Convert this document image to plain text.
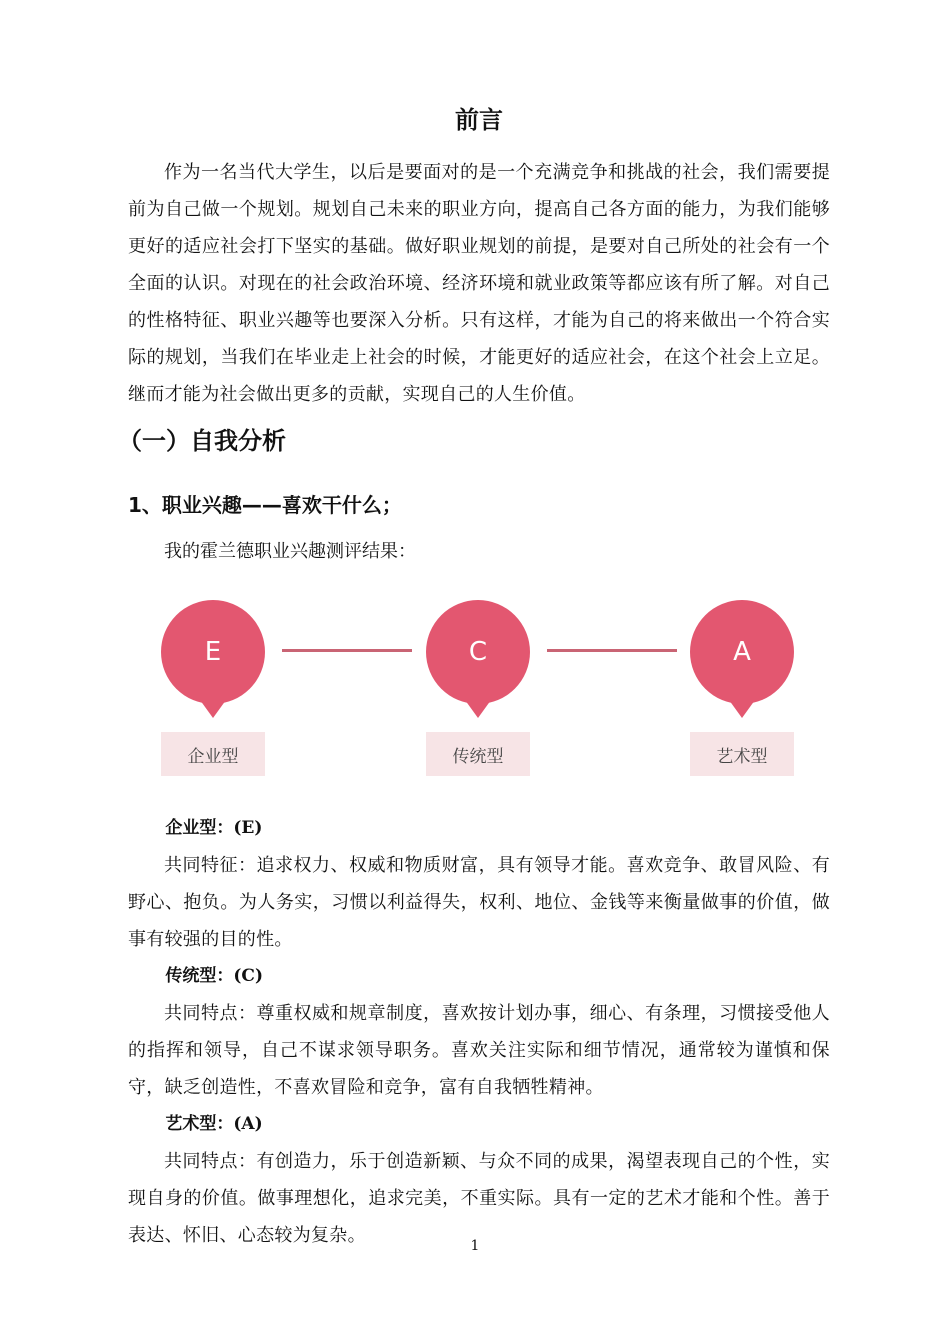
前言

作为一名当代大学生，以后是要面对的是一个充满竞争和挑战的社会，我们需要提前为自己做一个规划。规划自己未来的职业方向，提高自己各方面的能力，为我们能够更好的适应社会打下坚实的基础。做好职业规划的前提，是要对自己所处的社会有一个全面的认识。对现在的社会政治环境、经济环境和就业政策等都应该有所了解。对自己的性格特征、职业兴趣等也要深入分析。只有这样，才能为自己的将来做出一个符合实际的规划，当我们在毕业走上社会的时候，才能更好的适应社会，在这个社会上立足。继而才能为社会做出更多的贡献，实现自己的人生价值。

（一）自我分析
1、职业兴趣——喜欢干什么；

我的霍兰德职业兴趣测评结果：

E
企业型
C
传统型
A
艺术型

企业型：(E)

共同特征：追求权力、权威和物质财富，具有领导才能。喜欢竞争、敢冒风险、有野心、抱负。为人务实，习惯以利益得失，权利、地位、金钱等来衡量做事的价值，做事有较强的目的性。

传统型：(C)

共同特点：尊重权威和规章制度，喜欢按计划办事，细心、有条理，习惯接受他人的指挥和领导，自己不谋求领导职务。喜欢关注实际和细节情况，通常较为谨慎和保守，缺乏创造性，不喜欢冒险和竞争，富有自我牺牲精神。

艺术型：(A)

共同特点：有创造力，乐于创造新颖、与众不同的成果，渴望表现自己的个性，实现自身的价值。做事理想化，追求完美，不重实际。具有一定的艺术才能和个性。善于表达、怀旧、心态较为复杂。	1
